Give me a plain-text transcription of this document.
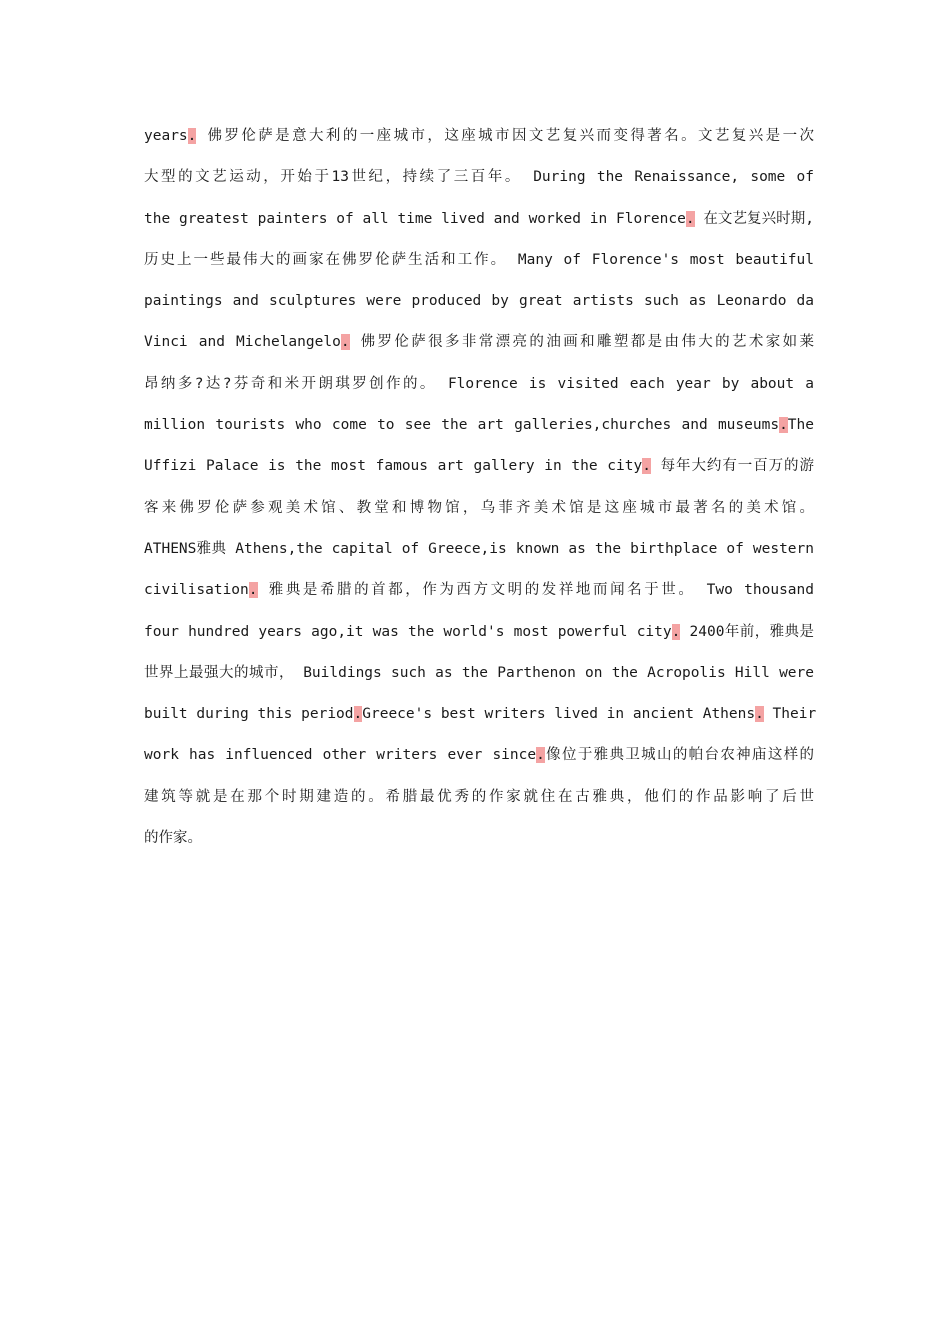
years. 佛罗伦萨是意大利的一座城市，这座城市因文艺复兴而变得著名。文艺复兴是一次
大型的文艺运动，开始于13世纪，持续了三百年。 During the Renaissance, some of
the greatest painters of all time lived and worked in Florence. 在文艺复兴时期,
历史上一些最伟大的画家在佛罗伦萨生活和工作。 Many of Florence's most beautiful
paintings and sculptures were produced by great artists such as Leonardo da
Vinci and Michelangelo. 佛罗伦萨很多非常漂亮的油画和雕塑都是由伟大的艺术家如莱
昂纳多?达?芬奇和米开朗琪罗创作的。 Florence is visited each year by about a
million tourists who come to see the art galleries,churches and museums.The
Uffizi Palace is the most famous art gallery in the city. 每年大约有一百万的游
客来佛罗伦萨参观美术馆、教堂和博物馆，乌菲齐美术馆是这座城市最著名的美术馆。
ATHENS雅典 Athens,the capital of Greece,is known as the birthplace of western
civilisation. 雅典是希腊的首都，作为西方文明的发祥地而闻名于世。 Two thousand
four hundred years ago,it was the world's most powerful city. 2400年前，雅典是
世界上最强大的城市， Buildings such as the Parthenon on the Acropolis Hill were
built during this period.Greece's best writers lived in ancient Athens. Their
work has influenced other writers ever since.像位于雅典卫城山的帕台农神庙这样的
建筑等就是在那个时期建造的。希腊最优秀的作家就住在古雅典，他们的作品影响了后世
的作家。
